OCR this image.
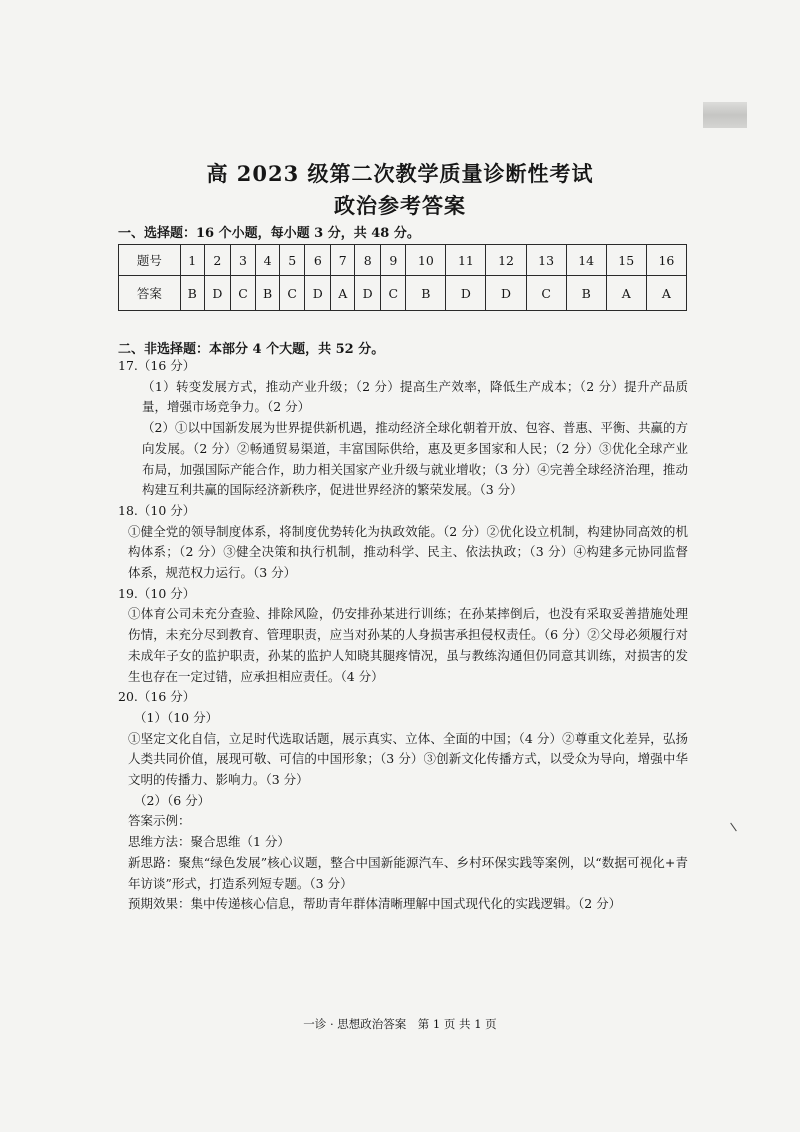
高 2023 级第二次教学质量诊断性考试
政治参考答案
一、选择题：16 个小题，每小题 3 分，共 48 分。
题号	1	2	3	4	5	6	7	8	9	10	11	12	13	14	15	16
答案	B	D	C	B	C	D	A	D	C	B	D	D	C	B	A	A
二、非选择题：本部分 4 个大题，共 52 分。
17.（16 分）
（1）转变发展方式，推动产业升级；（2 分）提高生产效率，降低生产成本；（2 分）提升产品质量，增强市场竞争力。（2 分）
（2）①以中国新发展为世界提供新机遇，推动经济全球化朝着开放、包容、普惠、平衡、共赢的方向发展。（2 分）②畅通贸易渠道，丰富国际供给，惠及更多国家和人民；（2 分）③优化全球产业布局，加强国际产能合作，助力相关国家产业升级与就业增收；（3 分）④完善全球经济治理，推动构建互利共赢的国际经济新秩序，促进世界经济的繁荣发展。（3 分）
18.（10 分）
①健全党的领导制度体系，将制度优势转化为执政效能。（2 分）②优化设立机制，构建协同高效的机构体系；（2 分）③健全决策和执行机制，推动科学、民主、依法执政；（3 分）④构建多元协同监督体系，规范权力运行。（3 分）
19.（10 分）
①体育公司未充分查验、排除风险，仍安排孙某进行训练；在孙某摔倒后，也没有采取妥善措施处理伤情，未充分尽到教育、管理职责，应当对孙某的人身损害承担侵权责任。（6 分）②父母必须履行对未成年子女的监护职责，孙某的监护人知晓其腿疼情况，虽与教练沟通但仍同意其训练，对损害的发生也存在一定过错，应承担相应责任。（4 分）
20.（16 分）
（1）（10 分）
①坚定文化自信，立足时代选取话题，展示真实、立体、全面的中国；（4 分）②尊重文化差异，弘扬人类共同价值，展现可敬、可信的中国形象；（3 分）③创新文化传播方式，以受众为导向，增强中华文明的传播力、影响力。（3 分）
（2）（6 分）
答案示例：
思维方法：聚合思维（1 分）
新思路：聚焦“绿色发展”核心议题，整合中国新能源汽车、乡村环保实践等案例，以“数据可视化+青年访谈”形式，打造系列短专题。（3 分）
预期效果：集中传递核心信息，帮助青年群体清晰理解中国式现代化的实践逻辑。（2 分）
一诊 · 思想政治答案　第 1 页 共 1 页
